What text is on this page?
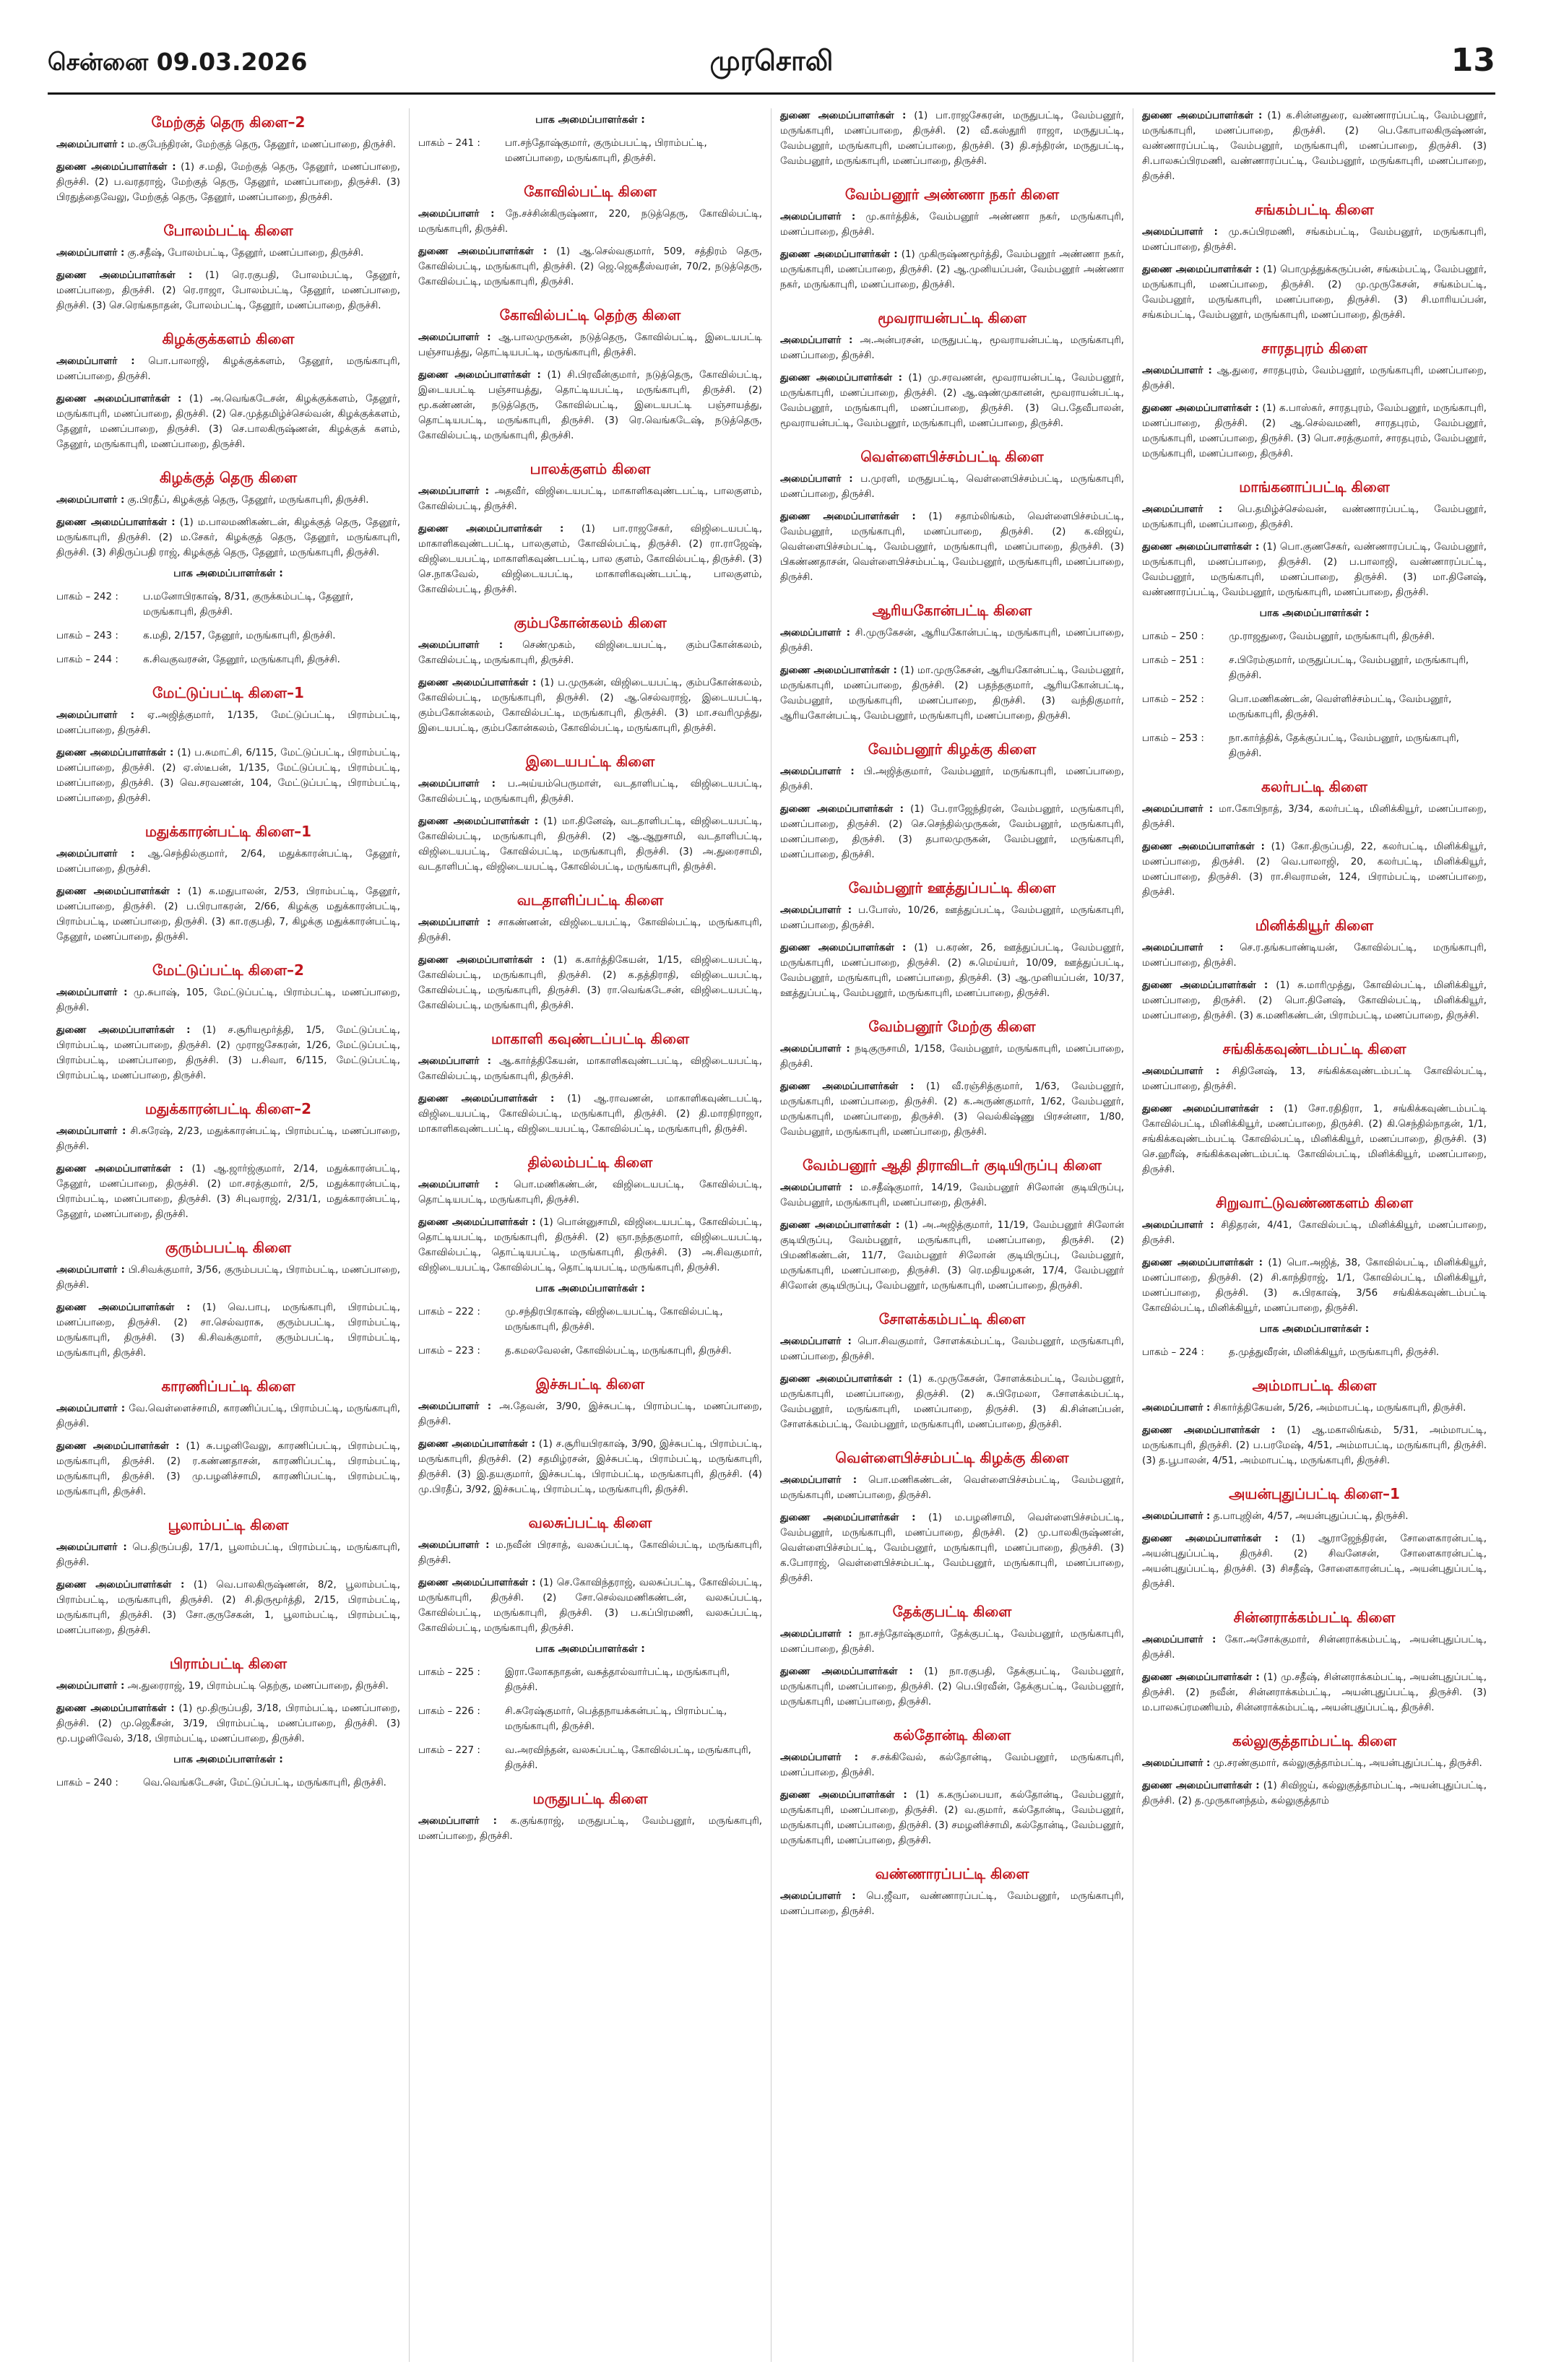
சென்னை 09.03.2026	முரசொலி	13
மேற்குத் தெரு கிளை–2

அமைப்பாளர் : ம.குபேந்திரன், மேற்குத் தெரு, தேனூர், மணப்பாறை, திருச்சி.

துணை அமைப்பாளர்கள் : (1) ச.மதி, மேற்குத் தெரு, தேனூர், மணப்பாறை, திருச்சி. (2) ப.வரதராஜ், மேற்குத் தெரு, தேனூர், மணப்பாறை, திருச்சி. (3) பிரதுத்தைவேலு, மேற்குத் தெரு, தேனூர், மணப்பாறை, திருச்சி.

போலம்பட்டி கிளை

அமைப்பாளர் : கு.சதீஷ், போலம்பட்டி, தேனூர், மணப்பாறை, திருச்சி.

துணை அமைப்பாளர்கள் : (1) ரெ.ரகுபதி, போலம்பட்டி, தேனூர், மணப்பாறை, திருச்சி. (2) ரெ.ராஜா, போலம்பட்டி, தேனூர், மணப்பாறை, திருச்சி. (3) செ.ரெங்கநாதன், போலம்பட்டி, தேனூர், மணப்பாறை, திருச்சி.

கிழக்குக்களம் கிளை

அமைப்பாளர் : பொ.பாலாஜி, கிழக்குக்களம், தேனூர், மருங்காபுரி, மணப்பாறை, திருச்சி.

துணை அமைப்பாளர்கள் : (1) அ.வெங்கடேசன், கிழக்குக்களம், தேனூர், மருங்காபுரி, மணப்பாறை, திருச்சி. (2) செ.முத்தமிழ்ச்செல்வன், கிழக்குக்களம், தேனூர், மணப்பாறை, திருச்சி. (3) செ.பாலகிருஷ்ணன், கிழக்குக் களம், தேனூர், மருங்காபுரி, மணப்பாறை, திருச்சி.

கிழக்குத் தெரு கிளை

அமைப்பாளர் : கு.பிரதீப், கிழக்குத் தெரு, தேனூர், மருங்காபுரி, திருச்சி.

துணை அமைப்பாளர்கள் : (1) ம.பாலமணிகண்டன், கிழக்குத் தெரு, தேனூர், மருங்காபுரி, திருச்சி. (2) ம.சேகர், கிழக்குத் தெரு, தேனூர், மருங்காபுரி, திருச்சி. (3) சிதிருப்பதி ராஜ், கிழக்குத் தெரு, தேனூர், மருங்காபுரி, திருச்சி.

பாக அமைப்பாளர்கள் :
பாகம் – 242 :	ப.மனோபிரகாஷ், 8/31, குருக்கம்பட்டி, தேனூர், மருங்காபுரி, திருச்சி.
பாகம் – 243 :	க.மதி, 2/157, தேனூர், மருங்காபுரி, திருச்சி.
பாகம் – 244 :	க.சிவகுவரசன், தேனூர், மருங்காபுரி, திருச்சி.
மேட்டுப்பட்டி கிளை–1

அமைப்பாளர் : ஏ.அஜித்குமார், 1/135, மேட்டுப்பட்டி, பிராம்பட்டி, மணப்பாறை, திருச்சி.

துணை அமைப்பாளர்கள் : (1) ப.சுமாட்சி, 6/115, மேட்டுப்பட்டி, பிராம்பட்டி, மணப்பாறை, திருச்சி. (2) ஏ.ஸ்டீபன், 1/135, மேட்டுப்பட்டி, பிராம்பட்டி, மணப்பாறை, திருச்சி. (3) வெ.சரவணன், 104, மேட்டுப்பட்டி, பிராம்பட்டி, மணப்பாறை, திருச்சி.

மதுக்காரன்பட்டி கிளை–1

அமைப்பாளர் : ஆ.செந்தில்குமார், 2/64, மதுக்காரன்பட்டி, தேனூர், மணப்பாறை, திருச்சி.

துணை அமைப்பாளர்கள் : (1) க.மதுபாலன், 2/53, பிராம்பட்டி, தேனூர், மணப்பாறை, திருச்சி. (2) ப.பிரபாகரன், 2/66, கிழக்கு மதுக்காரன்பட்டி, பிராம்பட்டி, மணப்பாறை, திருச்சி. (3) கா.ரகுபதி, 7, கிழக்கு மதுக்காரன்பட்டி, தேனூர், மணப்பாறை, திருச்சி.

மேட்டுப்பட்டி கிளை–2

அமைப்பாளர் : மு.சுபாஷ், 105, மேட்டுப்பட்டி, பிராம்பட்டி, மணப்பாறை, திருச்சி.

துணை அமைப்பாளர்கள் : (1) ச.சூரியமூர்த்தி, 1/5, மேட்டுப்பட்டி, பிராம்பட்டி, மணப்பாறை, திருச்சி. (2) முராஜசேகரன், 1/26, மேட்டுப்பட்டி, பிராம்பட்டி, மணப்பாறை, திருச்சி. (3) ப.சிவா, 6/115, மேட்டுப்பட்டி, பிராம்பட்டி, மணப்பாறை, திருச்சி.

மதுக்காரன்பட்டி கிளை–2

அமைப்பாளர் : சி.சுரேஷ், 2/23, மதுக்காரன்பட்டி, பிராம்பட்டி, மணப்பாறை, திருச்சி.

துணை அமைப்பாளர்கள் : (1) ஆ.ஜார்ஜ்குமார், 2/14, மதுக்காரன்பட்டி, தேனூர், மணப்பாறை, திருச்சி. (2) மா.சரத்குமார், 2/5, மதுக்காரன்பட்டி, பிராம்பட்டி, மணப்பாறை, திருச்சி. (3) சிபுவராஜ், 2/31/1, மதுக்காரன்பட்டி, தேனூர், மணப்பாறை, திருச்சி.

குரும்பபட்டி கிளை

அமைப்பாளர் : பி.சிவக்குமார், 3/56, குரும்பபட்டி, பிராம்பட்டி, மணப்பாறை, திருச்சி.

துணை அமைப்பாளர்கள் : (1) வெ.பாபு, மருங்காபுரி, பிராம்பட்டி, மணப்பாறை, திருச்சி. (2) சா.செல்வராசு, குரும்பபட்டி, பிராம்பட்டி, மருங்காபுரி, திருச்சி. (3) கி.சிவக்குமார், குரும்பபட்டி, பிராம்பட்டி, மருங்காபுரி, திருச்சி.

காரணிப்பட்டி கிளை

அமைப்பாளர் : வே.வெள்ளைச்சாமி, காரணிப்பட்டி, பிராம்பட்டி, மருங்காபுரி, திருச்சி.

துணை அமைப்பாளர்கள் : (1) சு.பழனிவேலு, காரணிப்பட்டி, பிராம்பட்டி, மருங்காபுரி, திருச்சி. (2) ர.கண்ணதாசன், காரணிப்பட்டி, பிராம்பட்டி, மருங்காபுரி, திருச்சி. (3) மு.பழனிச்சாமி, காரணிப்பட்டி, பிராம்பட்டி, மருங்காபுரி, திருச்சி.

பூலாம்பட்டி கிளை

அமைப்பாளர் : பெ.திருப்பதி, 17/1, பூலாம்பட்டி, பிராம்பட்டி, மருங்காபுரி, திருச்சி.

துணை அமைப்பாளர்கள் : (1) வெ.பாலகிருஷ்ணன், 8/2, பூலாம்பட்டி, பிராம்பட்டி, மருங்காபுரி, திருச்சி. (2) சி.திருமூர்த்தி, 2/15, பிராம்பட்டி, மருங்காபுரி, திருச்சி. (3) சோ.குருசேகன், 1, பூலாம்பட்டி, பிராம்பட்டி, மணப்பாறை, திருச்சி.

பிராம்பட்டி கிளை

அமைப்பாளர் : அ.துரைராஜ், 19, பிராம்பட்டி தெற்கு, மணப்பாறை, திருச்சி.

துணை அமைப்பாளர்கள் : (1) மூ.திருப்பதி, 3/18, பிராம்பட்டி, மணப்பாறை, திருச்சி. (2) மு.ஜெகீசன், 3/19, பிராம்பட்டி, மணப்பாறை, திருச்சி. (3) மூ.பழனிவேல், 3/18, பிராம்பட்டி, மணப்பாறை, திருச்சி.

பாக அமைப்பாளர்கள் :
பாகம் – 240 :	வெ.வெங்கடேசன், மேட்டுப்பட்டி, மருங்காபுரி, திருச்சி.
பாக அமைப்பாளர்கள் :
பாகம் – 241 :	பா.சந்தோஷ்குமார், குரும்பபட்டி, பிராம்பட்டி, மணப்பாறை, மருங்காபுரி, திருச்சி.
கோவில்பட்டி கிளை

அமைப்பாளர் : நே.சச்சின்கிருஷ்ணா, 220, நடுத்தெரு, கோவில்பட்டி, மருங்காபுரி, திருச்சி.

துணை அமைப்பாளர்கள் : (1) ஆ.செல்வகுமார், 509, சத்திரம் தெரு, கோவில்பட்டி, மருங்காபுரி, திருச்சி. (2) ஜெ.ஜெகதீஸ்வரன், 70/2, நடுத்தெரு, கோவில்பட்டி, மருங்காபுரி, திருச்சி.

கோவில்பட்டி தெற்கு கிளை

அமைப்பாளர் : ஆ.பாலமுருகன், நடுத்தெரு, கோவில்பட்டி, இடையபட்டி பஞ்சாயத்து, தொட்டியபட்டி, மருங்காபுரி, திருச்சி.

துணை அமைப்பாளர்கள் : (1) சி.பிரவீன்குமார், நடுத்தெரு, கோவில்பட்டி, இடையபட்டி பஞ்சாயத்து, தொட்டியபட்டி, மருங்காபுரி, திருச்சி. (2) மூ.கண்ணன், நடுத்தெரு, கோவில்பட்டி, இடையபட்டி பஞ்சாயத்து, தொட்டியபட்டி, மருங்காபுரி, திருச்சி. (3) ரெ.வெங்கடேஷ், நடுத்தெரு, கோவில்பட்டி, மருங்காபுரி, திருச்சி.

பாலக்குளம் கிளை

அமைப்பாளர் : அதவீர், விஜிடையபட்டி, மாகாளிகவுண்டபட்டி, பாலகுளம், கோவில்பட்டி, திருச்சி.

துணை அமைப்பாளர்கள் : (1) பா.ராஜசேகர், விஜிடையபட்டி, மாகாளிகவுண்டபட்டி, பாலகுளம், கோவில்பட்டி, திருச்சி. (2) ரா.ராஜேஷ், விஜிடையபட்டி, மாகாளிகவுண்டபட்டி, பால குளம், கோவில்பட்டி, திருச்சி. (3) செ.நாகவேல், விஜிடையபட்டி, மாகாளிகவுண்டபட்டி, பாலகுளம், கோவில்பட்டி, திருச்சி.

கும்பகோன்கலம் கிளை

அமைப்பாளர் : செண்முகம், விஜிடையபட்டி, கும்பகோன்கலம், கோவில்பட்டி, மருங்காபுரி, திருச்சி.

துணை அமைப்பாளர்கள் : (1) ப.முருகன், விஜிடையபட்டி, கும்பகோன்கலம், கோவில்பட்டி, மருங்காபுரி, திருச்சி. (2) ஆ.செல்வராஜ், இடையபட்டி, கும்பகோன்கலம், கோவில்பட்டி, மருங்காபுரி, திருச்சி. (3) மா.சவரிமுத்து, இடையபட்டி, கும்பகோன்கலம், கோவில்பட்டி, மருங்காபுரி, திருச்சி.

இடையபட்டி கிளை

அமைப்பாளர் : ப.அய்யம்பெருமாள், வடதாளிபட்டி, விஜிடையபட்டி, கோவில்பட்டி, மருங்காபுரி, திருச்சி.

துணை அமைப்பாளர்கள் : (1) மா.தினேஷ், வடதாளிபட்டி, விஜிடையபட்டி, கோவில்பட்டி, மருங்காபுரி, திருச்சி. (2) ஆ.ஆறுசாமி, வடதாளிபட்டி, விஜிடையபட்டி, கோவில்பட்டி, மருங்காபுரி, திருச்சி. (3) அ.துரைசாமி, வடதாளிபட்டி, விஜிடையபட்டி, கோவில்பட்டி, மருங்காபுரி, திருச்சி.

வடதாளிப்பட்டி கிளை

அமைப்பாளர் : சாகண்ணன், விஜிடையபட்டி, கோவில்பட்டி, மருங்காபுரி, திருச்சி.

துணை அமைப்பாளர்கள் : (1) க.கார்த்திகேயன், 1/15, விஜிடையபட்டி, கோவில்பட்டி, மருங்காபுரி, திருச்சி. (2) க.தத்திராதி, விஜிடையபட்டி, கோவில்பட்டி, மருங்காபுரி, திருச்சி. (3) ரா.வெங்கடேசன், விஜிடையபட்டி, கோவில்பட்டி, மருங்காபுரி, திருச்சி.

மாகாளி கவுண்டப்பட்டி கிளை

அமைப்பாளர் : ஆ.கார்த்திகேயன், மாகாளிகவுண்டபட்டி, விஜிடையபட்டி, கோவில்பட்டி, மருங்காபுரி, திருச்சி.

துணை அமைப்பாளர்கள் : (1) ஆ.ராவணன், மாகாளிகவுண்டபட்டி, விஜிடையபட்டி, கோவில்பட்டி, மருங்காபுரி, திருச்சி. (2) தி.மாரநிராஜா, மாகாளிகவுண்டபட்டி, விஜிடையபட்டி, கோவில்பட்டி, மருங்காபுரி, திருச்சி.

தில்லம்பட்டி கிளை

அமைப்பாளர் : பொ.மணிகண்டன், விஜிடையபட்டி, கோவில்பட்டி, தொட்டியபட்டி, மருங்காபுரி, திருச்சி.

துணை அமைப்பாளர்கள் : (1) பொன்னுசாமி, விஜிடையபட்டி, கோவில்பட்டி, தொட்டியபட்டி, மருங்காபுரி, திருச்சி. (2) ஞா.நந்தகுமார், விஜிடையபட்டி, கோவில்பட்டி, தொட்டியபட்டி, மருங்காபுரி, திருச்சி. (3) அ.சிவகுமார், விஜிடையபட்டி, கோவில்பட்டி, தொட்டியபட்டி, மருங்காபுரி, திருச்சி.

பாக அமைப்பாளர்கள் :
பாகம் – 222 :	மு.சந்திரபிரகாஷ், விஜிடையபட்டி, கோவில்பட்டி, மருங்காபுரி, திருச்சி.
பாகம் – 223 :	த.கமலவேலன், கோவில்பட்டி, மருங்காபுரி, திருச்சி.
இச்சுபட்டி கிளை

அமைப்பாளர் : அ.தேவன், 3/90, இச்சுபட்டி, பிராம்பட்டி, மணப்பாறை, திருச்சி.

துணை அமைப்பாளர்கள் : (1) ச.சூரியபிரகாஷ், 3/90, இச்சுபட்டி, பிராம்பட்டி, மருங்காபுரி, திருச்சி. (2) சதமிழ்ரசன், இச்சுபட்டி, பிராம்பட்டி, மருங்காபுரி, திருச்சி. (3) இ.தயகுமார், இச்சுபட்டி, பிராம்பட்டி, மருங்காபுரி, திருச்சி. (4) மு.பிரதீப், 3/92, இச்சுபட்டி, பிராம்பட்டி, மருங்காபுரி, திருச்சி.

வலசுப்பட்டி கிளை

அமைப்பாளர் : ம.நவீன் பிரசாத், வலசுப்பட்டி, கோவில்பட்டி, மருங்காபுரி, திருச்சி.

துணை அமைப்பாளர்கள் : (1) செ.கோவிந்தராஜ், வலசுப்பட்டி, கோவில்பட்டி, மருங்காபுரி, திருச்சி. (2) சோ.செல்வமணிகண்டன், வலசுப்பட்டி, கோவில்பட்டி, மருங்காபுரி, திருச்சி. (3) ப.கப்பிரமணி, வலசுப்பட்டி, கோவில்பட்டி, மருங்காபுரி, திருச்சி.

பாக அமைப்பாளர்கள் :
பாகம் – 225 :	இரா.லோகநாதன், வசுத்தால்வார்பட்டி, மருங்காபுரி, திருச்சி.
பாகம் – 226 :	சி.சுரேஷ்குமார், பெத்தநாயக்கன்பட்டி, பிராம்பட்டி, மருங்காபுரி, திருச்சி.
பாகம் – 227 :	வ.அரவிந்தன், வலசுப்பட்டி, கோவில்பட்டி, மருங்காபுரி, திருச்சி.
மருதுபட்டி கிளை

அமைப்பாளர் : க.குங்கராஜ், மருதுபட்டி, வேம்பனூர், மருங்காபுரி, மணப்பாறை, திருச்சி.

துணை அமைப்பாளர்கள் : (1) பா.ராஜசேகரன், மருதுபட்டி, வேம்பனூர், மருங்காபுரி, மணப்பாறை, திருச்சி. (2) வீ.கஸ்தூரி ராஜா, மருதுபட்டி, வேம்பனூர், மருங்காபுரி, மணப்பாறை, திருச்சி. (3) தி.சந்திரன், மருதுபட்டி, வேம்பனூர், மருங்காபுரி, மணப்பாறை, திருச்சி.

வேம்பனூர் அண்ணா நகர் கிளை

அமைப்பாளர் : மு.கார்த்திக், வேம்பனூர் அண்ணா நகர், மருங்காபுரி, மணப்பாறை, திருச்சி.

துணை அமைப்பாளர்கள் : (1) முகிருஷ்ணமூர்த்தி, வேம்பனூர் அண்ணா நகர், மருங்காபுரி, மணப்பாறை, திருச்சி. (2) ஆ.முனியப்பன், வேம்பனூர் அண்ணா நகர், மருங்காபுரி, மணப்பாறை, திருச்சி.

மூவராயன்பட்டி கிளை

அமைப்பாளர் : அ.அன்பரசன், மருதுபட்டி, மூவராயன்பட்டி, மருங்காபுரி, மணப்பாறை, திருச்சி.

துணை அமைப்பாளர்கள் : (1) மு.சரவணன், மூவராயன்பட்டி, வேம்பனூர், மருங்காபுரி, மணப்பாறை, திருச்சி. (2) ஆ.ஷண்முகானன், மூவராயன்பட்டி, வேம்பனூர், மருங்காபுரி, மணப்பாறை, திருச்சி. (3) பெ.தேவீபாலன், மூவராயன்பட்டி, வேம்பனூர், மருங்காபுரி, மணப்பாறை, திருச்சி.

வெள்ளைபிச்சம்பட்டி கிளை

அமைப்பாளர் : ப.முரளி, மருதுபட்டி, வெள்ளைபிச்சம்பட்டி, மருங்காபுரி, மணப்பாறை, திருச்சி.

துணை அமைப்பாளர்கள் : (1) சதாம்லிங்கம், வெள்ளைபிச்சம்பட்டி, வேம்பனூர், மருங்காபுரி, மணப்பாறை, திருச்சி. (2) க.விஜய், வெள்ளைபிச்சம்பட்டி, வேம்பனூர், மருங்காபுரி, மணப்பாறை, திருச்சி. (3) பிகண்ணதாசன், வெள்ளைபிச்சம்பட்டி, வேம்பனூர், மருங்காபுரி, மணப்பாறை, திருச்சி.

ஆரியகோன்பட்டி கிளை

அமைப்பாளர் : சி.முருகேசன், ஆரியகோன்பட்டி, மருங்காபுரி, மணப்பாறை, திருச்சி.

துணை அமைப்பாளர்கள் : (1) மா.முருகேசன், ஆரியகோன்பட்டி, வேம்பனூர், மருங்காபுரி, மணப்பாறை, திருச்சி. (2) பதந்தகுமார், ஆரியகோன்பட்டி, வேம்பனூர், மருங்காபுரி, மணப்பாறை, திருச்சி. (3) வந்திகுமார், ஆரியகோன்பட்டி, வேம்பனூர், மருங்காபுரி, மணப்பாறை, திருச்சி.

வேம்பனூர் கிழக்கு கிளை

அமைப்பாளர் : பி.அஜித்குமார், வேம்பனூர், மருங்காபுரி, மணப்பாறை, திருச்சி.

துணை அமைப்பாளர்கள் : (1) பே.ராஜேந்திரன், வேம்பனூர், மருங்காபுரி, மணப்பாறை, திருச்சி. (2) செ.செந்தில்முருகன், வேம்பனூர், மருங்காபுரி, மணப்பாறை, திருச்சி. (3) தபாலமுருகன், வேம்பனூர், மருங்காபுரி, மணப்பாறை, திருச்சி.

வேம்பனூர் ஊத்துப்பட்டி கிளை

அமைப்பாளர் : ப.போஸ், 10/26, ஊத்துப்பட்டி, வேம்பனூர், மருங்காபுரி, மணப்பாறை, திருச்சி.

துணை அமைப்பாளர்கள் : (1) ப.கரண், 26, ஊத்துப்பட்டி, வேம்பனூர், மருங்காபுரி, மணப்பாறை, திருச்சி. (2) சு.மெய்யர், 10/09, ஊத்துப்பட்டி, வேம்பனூர், மருங்காபுரி, மணப்பாறை, திருச்சி. (3) ஆ.முனியப்பன், 10/37, ஊத்துப்பட்டி, வேம்பனூர், மருங்காபுரி, மணப்பாறை, திருச்சி.

வேம்பனூர் மேற்கு கிளை

அமைப்பாளர் : நடிகுருசாமி, 1/158, வேம்பனூர், மருங்காபுரி, மணப்பாறை, திருச்சி.

துணை அமைப்பாளர்கள் : (1) வீ.ரஞ்சித்குமார், 1/63, வேம்பனூர், மருங்காபுரி, மணப்பாறை, திருச்சி. (2) க.அருண்குமார், 1/62, வேம்பனூர், மருங்காபுரி, மணப்பாறை, திருச்சி. (3) வெல்கிஷ்ணு பிரசன்னா, 1/80, வேம்பனூர், மருங்காபுரி, மணப்பாறை, திருச்சி.

வேம்பனூர் ஆதி திராவிடர் குடியிருப்பு கிளை

அமைப்பாளர் : ம.சதீஷ்குமார், 14/19, வேம்பனூர் சிலோன் குடியிருப்பு, வேம்பனூர், மருங்காபுரி, மணப்பாறை, திருச்சி.

துணை அமைப்பாளர்கள் : (1) அ.அஜித்குமார், 11/19, வேம்பனூர் சிலோன் குடியிருப்பு, வேம்பனூர், மருங்காபுரி, மணப்பாறை, திருச்சி. (2) பிமணிகண்டன், 11/7, வேம்பனூர் சிலோன் குடியிருப்பு, வேம்பனூர், மருங்காபுரி, மணப்பாறை, திருச்சி. (3) ரெ.மதியழகன், 17/4, வேம்பனூர் சிலோன் குடியிருப்பு, வேம்பனூர், மருங்காபுரி, மணப்பாறை, திருச்சி.

சோளக்கம்பட்டி கிளை

அமைப்பாளர் : பொ.சிவகுமார், சோளக்கம்பட்டி, வேம்பனூர், மருங்காபுரி, மணப்பாறை, திருச்சி.

துணை அமைப்பாளர்கள் : (1) க.முருகேசன், சோளக்கம்பட்டி, வேம்பனூர், மருங்காபுரி, மணப்பாறை, திருச்சி. (2) சு.பிரேமலா, சோளக்கம்பட்டி, வேம்பனூர், மருங்காபுரி, மணப்பாறை, திருச்சி. (3) கி.சின்னப்பன், சோளக்கம்பட்டி, வேம்பனூர், மருங்காபுரி, மணப்பாறை, திருச்சி.

வெள்ளைபிச்சம்பட்டி கிழக்கு கிளை

அமைப்பாளர் : பொ.மணிகண்டன், வெள்ளைபிச்சம்பட்டி, வேம்பனூர், மருங்காபுரி, மணப்பாறை, திருச்சி.

துணை அமைப்பாளர்கள் : (1) ம.பழனிசாமி, வெள்ளைபிச்சம்பட்டி, வேம்பனூர், மருங்காபுரி, மணப்பாறை, திருச்சி. (2) மு.பாலகிருஷ்ணன், வெள்ளைபிச்சம்பட்டி, வேம்பனூர், மருங்காபுரி, மணப்பாறை, திருச்சி. (3) க.போராஜ், வெள்ளைபிச்சம்பட்டி, வேம்பனூர், மருங்காபுரி, மணப்பாறை, திருச்சி.

தேக்குபட்டி கிளை

அமைப்பாளர் : நா.சந்தோஷ்குமார், தேக்குபட்டி, வேம்பனூர், மருங்காபுரி, மணப்பாறை, திருச்சி.

துணை அமைப்பாளர்கள் : (1) நா.ரகுபதி, தேக்குபட்டி, வேம்பனூர், மருங்காபுரி, மணப்பாறை, திருச்சி. (2) பெ.பிரவீன், தேக்குபட்டி, வேம்பனூர், மருங்காபுரி, மணப்பாறை, திருச்சி.

கல்தோன்டி கிளை

அமைப்பாளர் : ச.சக்கிவேல், கல்தோன்டி, வேம்பனூர், மருங்காபுரி, மணப்பாறை, திருச்சி.

துணை அமைப்பாளர்கள் : (1) க.கருப்பையா, கல்தோன்டி, வேம்பனூர், மருங்காபுரி, மணப்பாறை, திருச்சி. (2) வ.குமார், கல்தோன்டி, வேம்பனூர், மருங்காபுரி, மணப்பாறை, திருச்சி. (3) சமழனிச்சாமி, கல்தோன்டி, வேம்பனூர், மருங்காபுரி, மணப்பாறை, திருச்சி.

வண்ணாரப்பட்டி கிளை

அமைப்பாளர் : பெ.ஜீவா, வண்ணாரப்பட்டி, வேம்பனூர், மருங்காபுரி, மணப்பாறை, திருச்சி.

துணை அமைப்பாளர்கள் : (1) க.சின்னதுரை, வண்ணாரப்பட்டி, வேம்பனூர், மருங்காபுரி, மணப்பாறை, திருச்சி. (2) பெ.கோபாலகிருஷ்ணன், வண்ணாரப்பட்டி, வேம்பனூர், மருங்காபுரி, மணப்பாறை, திருச்சி. (3) சி.பாலசுப்பிரமணி, வண்ணாரப்பட்டி, வேம்பனூர், மருங்காபுரி, மணப்பாறை, திருச்சி.

சங்கம்பட்டி கிளை

அமைப்பாளர் : மு.சுப்பிரமணி, சங்கம்பட்டி, வேம்பனூர், மருங்காபுரி, மணப்பாறை, திருச்சி.

துணை அமைப்பாளர்கள் : (1) பொமுத்துக்கருப்பன், சங்கம்பட்டி, வேம்பனூர், மருங்காபுரி, மணப்பாறை, திருச்சி. (2) மு.முருகேசன், சங்கம்பட்டி, வேம்பனூர், மருங்காபுரி, மணப்பாறை, திருச்சி. (3) சி.மாரியப்பன், சங்கம்பட்டி, வேம்பனூர், மருங்காபுரி, மணப்பாறை, திருச்சி.

சாரதபுரம் கிளை

அமைப்பாளர் : ஆ.துரை, சாரதபுரம், வேம்பனூர், மருங்காபுரி, மணப்பாறை, திருச்சி.

துணை அமைப்பாளர்கள் : (1) க.பாஸ்கர், சாரதபுரம், வேம்பனூர், மருங்காபுரி, மணப்பாறை, திருச்சி. (2) ஆ.செல்வமணி, சாரதபுரம், வேம்பனூர், மருங்காபுரி, மணப்பாறை, திருச்சி. (3) பொ.சரத்குமார், சாரதபுரம், வேம்பனூர், மருங்காபுரி, மணப்பாறை, திருச்சி.

மாங்கனாப்பட்டி கிளை

அமைப்பாளர் : பெ.தமிழ்ச்செல்வன், வண்ணாரப்பட்டி, வேம்பனூர், மருங்காபுரி, மணப்பாறை, திருச்சி.

துணை அமைப்பாளர்கள் : (1) பொ.குணசேகர், வண்ணாரப்பட்டி, வேம்பனூர், மருங்காபுரி, மணப்பாறை, திருச்சி. (2) ப.பாலாஜி, வண்ணாரப்பட்டி, வேம்பனூர், மருங்காபுரி, மணப்பாறை, திருச்சி. (3) மா.தினேஷ், வண்ணாரப்பட்டி, வேம்பனூர், மருங்காபுரி, மணப்பாறை, திருச்சி.

பாக அமைப்பாளர்கள் :
பாகம் – 250 :	மு.ராஜதுரை, வேம்பனூர், மருங்காபுரி, திருச்சி.
பாகம் – 251 :	ச.பிரேம்குமார், மருதுப்பட்டி, வேம்பனூர், மருங்காபுரி, திருச்சி.
பாகம் – 252 :	பொ.மணிகண்டன், வெள்ளிச்சம்பட்டி, வேம்பனூர், மருங்காபுரி, திருச்சி.
பாகம் – 253 :	நா.கார்த்திக், தேக்குப்பட்டி, வேம்பனூர், மருங்காபுரி, திருச்சி.
கலர்பட்டி கிளை

அமைப்பாளர் : மா.கோபிநாத், 3/34, கலர்பட்டி, மினிக்கியூர், மணப்பாறை, திருச்சி.

துணை அமைப்பாளர்கள் : (1) கோ.திருப்பதி, 22, கலர்பட்டி, மினிக்கியூர், மணப்பாறை, திருச்சி. (2) வெ.பாலாஜி, 20, கலர்பட்டி, மினிக்கியூர், மணப்பாறை, திருச்சி. (3) ரா.சிவராமன், 124, பிராம்பட்டி, மணப்பாறை, திருச்சி.

மினிக்கியூர் கிளை

அமைப்பாளர் : செ.ர.தங்கபாண்டியன், கோவில்பட்டி, மருங்காபுரி, மணப்பாறை, திருச்சி.

துணை அமைப்பாளர்கள் : (1) சு.மாரிமுத்து, கோவில்பட்டி, மினிக்கியூர், மணப்பாறை, திருச்சி. (2) பொ.தினேஷ், கோவில்பட்டி, மினிக்கியூர், மணப்பாறை, திருச்சி. (3) க.மணிகண்டன், பிராம்பட்டி, மணப்பாறை, திருச்சி.

சங்கிக்கவுண்டம்பட்டி கிளை

அமைப்பாளர் : சிதினேஷ், 13, சங்கிக்கவுண்டம்பட்டி கோவில்பட்டி, மணப்பாறை, திருச்சி.

துணை அமைப்பாளர்கள் : (1) சோ.ரதிதிரா, 1, சங்கிக்கவுண்டம்பட்டி கோவில்பட்டி, மினிக்கியூர், மணப்பாறை, திருச்சி. (2) கி.செந்தில்நாதன், 1/1, சங்கிக்கவுண்டம்பட்டி கோவில்பட்டி, மினிக்கியூர், மணப்பாறை, திருச்சி. (3) செ.ஹரீஷ், சங்கிக்கவுண்டம்பட்டி கோவில்பட்டி, மினிக்கியூர், மணப்பாறை, திருச்சி.

சிறுவாட்டுவண்ணகளம் கிளை

அமைப்பாளர் : சிதிதரன், 4/41, கோவில்பட்டி, மினிக்கியூர், மணப்பாறை, திருச்சி.

துணை அமைப்பாளர்கள் : (1) பொ.அஜித், 38, கோவில்பட்டி, மினிக்கியூர், மணப்பாறை, திருச்சி. (2) சி.காந்திராஜ், 1/1, கோவில்பட்டி, மினிக்கியூர், மணப்பாறை, திருச்சி. (3) சு.பிரகாஷ், 3/56 சங்கிக்கவுண்டம்பட்டி கோவில்பட்டி, மினிக்கியூர், மணப்பாறை, திருச்சி.

பாக அமைப்பாளர்கள் :
பாகம் – 224 :	த.முத்துவீரன், மினிக்கியூர், மருங்காபுரி, திருச்சி.
அம்மாபட்டி கிளை

அமைப்பாளர் : சிகார்த்திகேயன், 5/26, அம்மாபட்டி, மருங்காபுரி, திருச்சி.

துணை அமைப்பாளர்கள் : (1) ஆ.மகாலிங்கம், 5/31, அம்மாபட்டி, மருங்காபுரி, திருச்சி. (2) ப.பரமேஷ், 4/51, அம்மாபட்டி, மருங்காபுரி, திருச்சி. (3) த.பூபாலன், 4/51, அம்மாபட்டி, மருங்காபுரி, திருச்சி.

அயன்புதுப்பட்டி கிளை–1

அமைப்பாளர் : த.பாபுஜின், 4/57, அயன்புதுப்பட்டி, திருச்சி.

துணை அமைப்பாளர்கள் : (1) ஆராஜேந்திரன், சோளைகாரன்பட்டி, அயன்புதுப்பட்டி, திருச்சி. (2) சிவனேசன், சோளைகாரன்பட்டி, அயன்புதுப்பட்டி, திருச்சி. (3) சிசதீஷ், சோளைகாரன்பட்டி, அயன்புதுப்பட்டி, திருச்சி.

சின்னராக்கம்பட்டி கிளை

அமைப்பாளர் : கோ.அசோக்குமார், சின்னராக்கம்பட்டி, அயன்புதுப்பட்டி, திருச்சி.

துணை அமைப்பாளர்கள் : (1) மு.சதீஷ், சின்னராக்கம்பட்டி, அயன்புதுப்பட்டி, திருச்சி. (2) நவீன், சின்னராக்கம்பட்டி, அயன்புதுப்பட்டி, திருச்சி. (3) ம.பாலசுப்ரமணியம், சின்னராக்கம்பட்டி, அயன்புதுப்பட்டி, திருச்சி.

கல்லுகுத்தாம்பட்டி கிளை

அமைப்பாளர் : மு.சரண்குமார், கல்லுகுத்தாம்பட்டி, அயன்புதுப்பட்டி, திருச்சி.

துணை அமைப்பாளர்கள் : (1) சிவிஜய், கல்லுகுத்தாம்பட்டி, அயன்புதுப்பட்டி, திருச்சி. (2) த.முருகானந்தம், கல்லுகுத்தாம்
